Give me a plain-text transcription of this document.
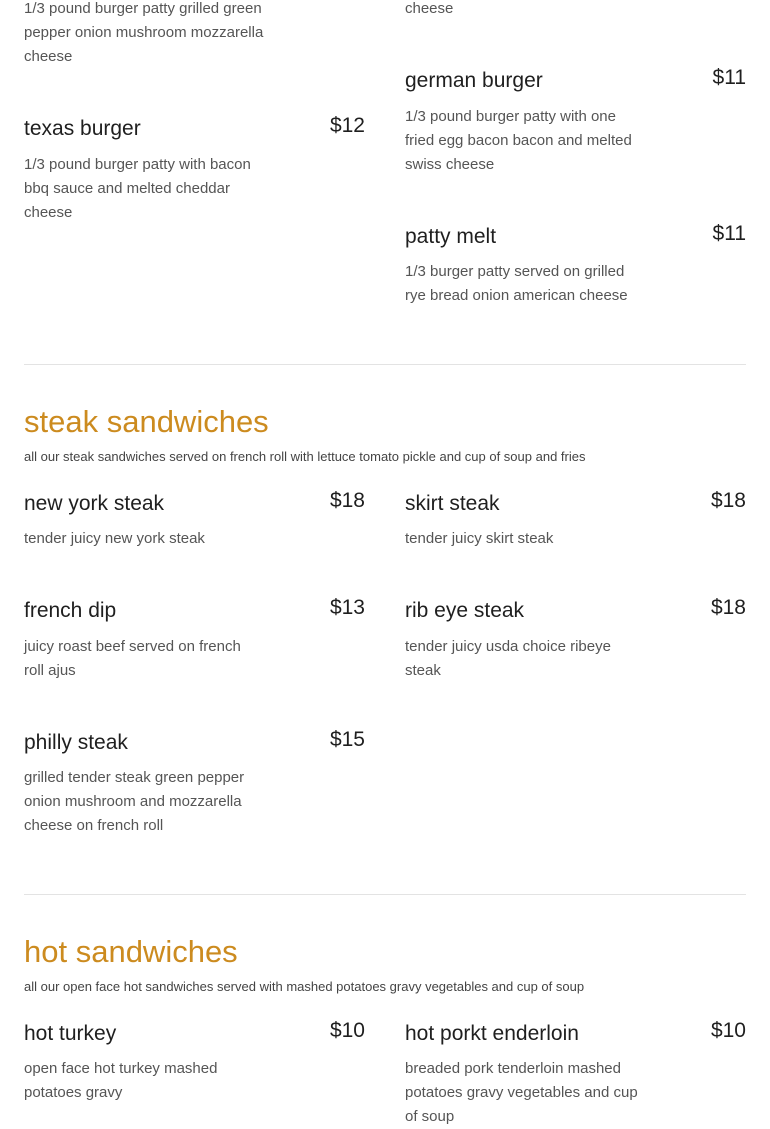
1/3 pound burger patty grilled green pepper onion mushroom mozzarella cheese
cheese
texas burger	$12
1/3 pound burger patty with bacon bbq sauce and melted cheddar cheese
german burger	$11
1/3 pound burger patty with one fried egg bacon bacon and melted swiss cheese
patty melt	$11
1/3 burger patty served on grilled rye bread onion american cheese
steak sandwiches
all our steak sandwiches served on french roll with lettuce tomato pickle and cup of soup and fries
new york steak	$18
tender juicy new york steak
skirt steak	$18
tender juicy skirt steak
french dip	$13
juicy roast beef served on french roll ajus
rib eye steak	$18
tender juicy usda choice ribeye steak
philly steak	$15
grilled tender steak green pepper onion mushroom and mozzarella cheese on french roll
hot sandwiches
all our open face hot sandwiches served with mashed potatoes gravy vegetables and cup of soup
hot turkey	$10
open face hot turkey mashed potatoes gravy
hot porkt enderloin	$10
breaded pork tenderloin mashed potatoes gravy vegetables and cup of soup
